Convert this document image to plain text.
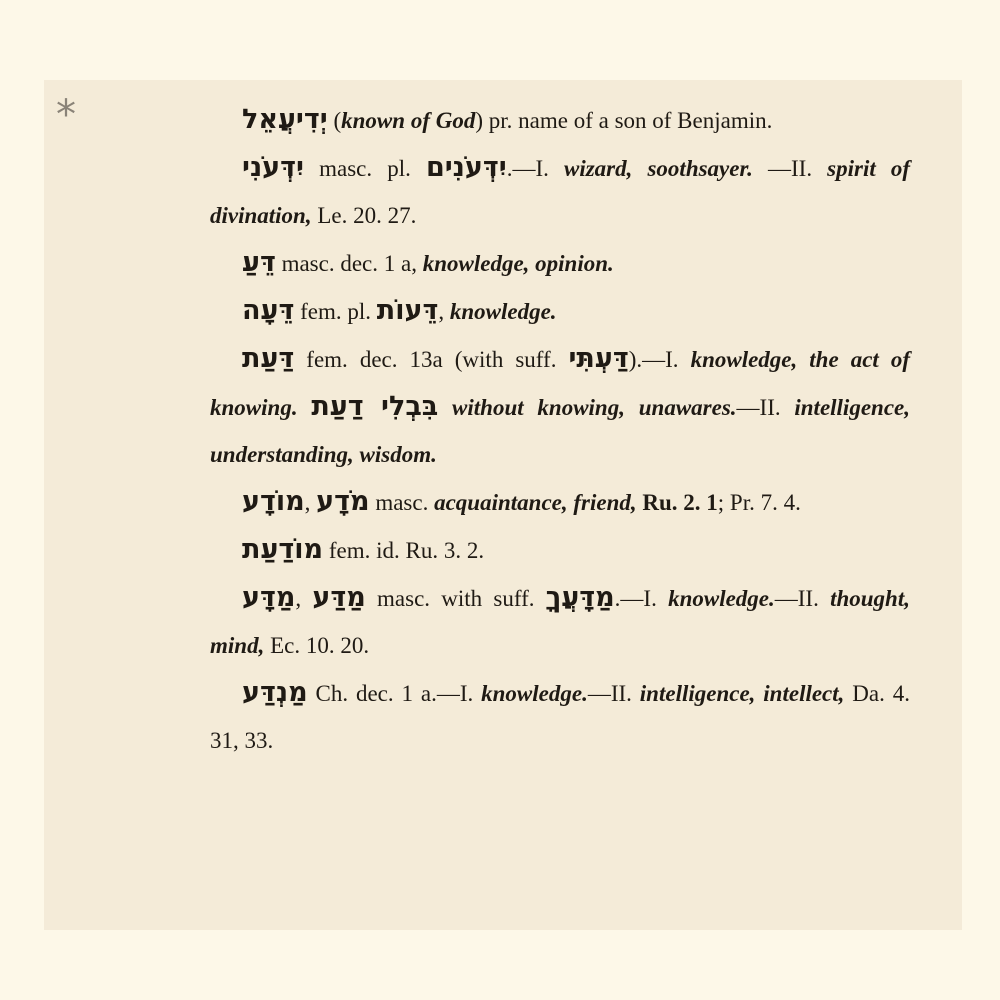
*	יְדִיעֲאֵל (known of God) pr. name of a son of Benjamin.

יִדְּעֹנִי masc. pl. יִדְּעֹנִים.—I. wizard, soothsayer. —II. spirit of divination, Le. 20. 27.

דֵּעַ masc. dec. 1 a, knowledge, opinion.

דֵּעָה fem. pl. דֵּעוֹת, knowledge.

דַּעַת fem. dec. 13a (with suff. דַּעְתִּי).—I. knowledge, the act of knowing. בִּבְלִי דַעַת without knowing, unawares.—II. intelligence, understanding, wisdom.

מוֹדָע, מֹדָע masc. acquaintance, friend, Ru. 2. 1; Pr. 7. 4.

מוֹדַעַת fem. id. Ru. 3. 2.

מַדָּע, מַדַּע masc. with suff. מַדָּעֲךָ.—I. knowledge.—II. thought, mind, Ec. 10. 20.

מַנְדַּע Ch. dec. 1 a.—I. knowledge.—II. intelligence, intellect, Da. 4. 31, 33.
